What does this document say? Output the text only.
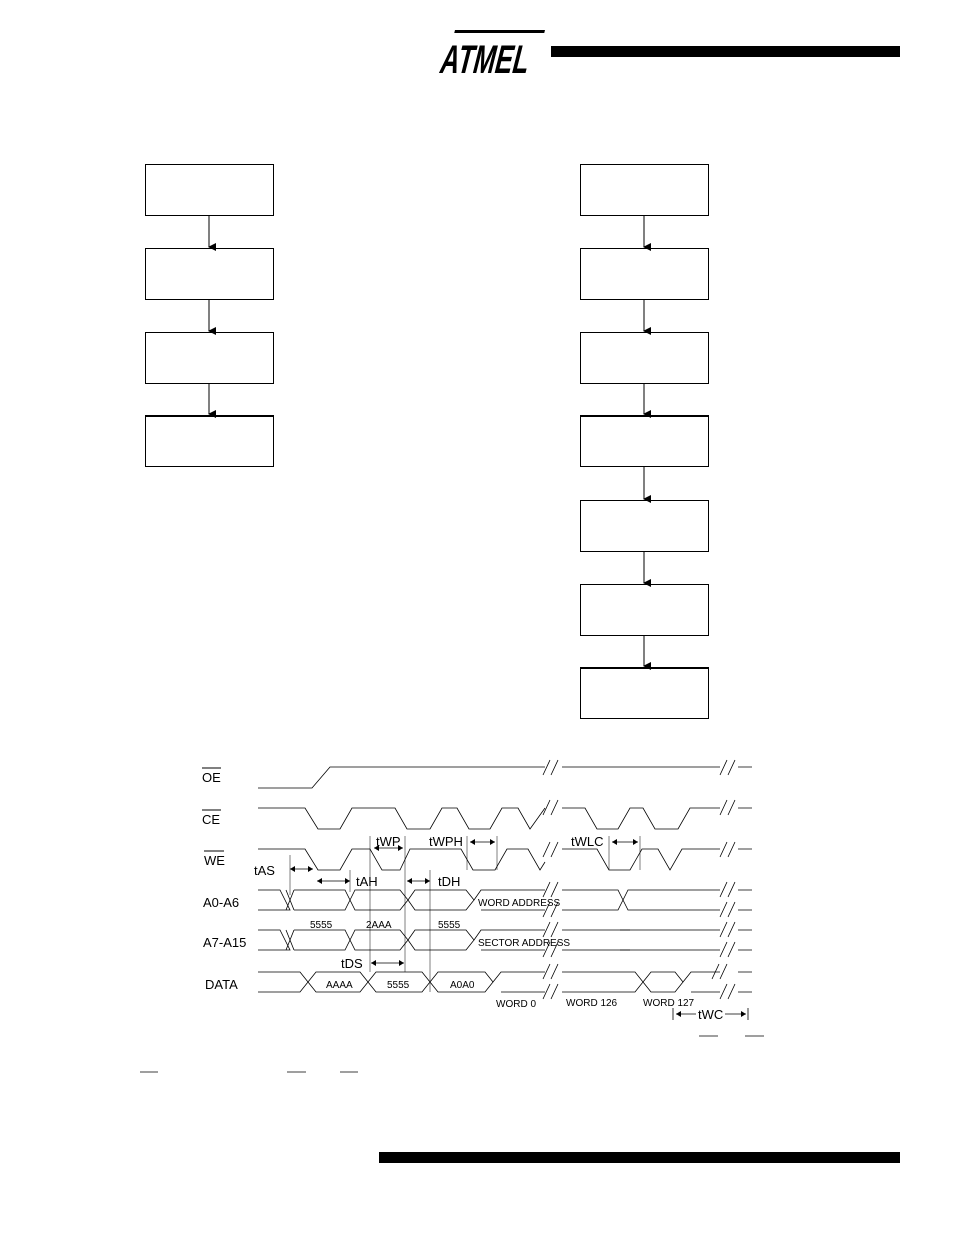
ATMEL
OE
CE
WE
A0-A6
A7-A15
DATA
tAS
tAH
tWP tWPH	tWLC
tDH
tDS
tWC
5555	2AAA	5555
WORD ADDRESS
SECTOR ADDRESS
AAAA	5555	A0A0
WORD 0	WORD 126	WORD 127
